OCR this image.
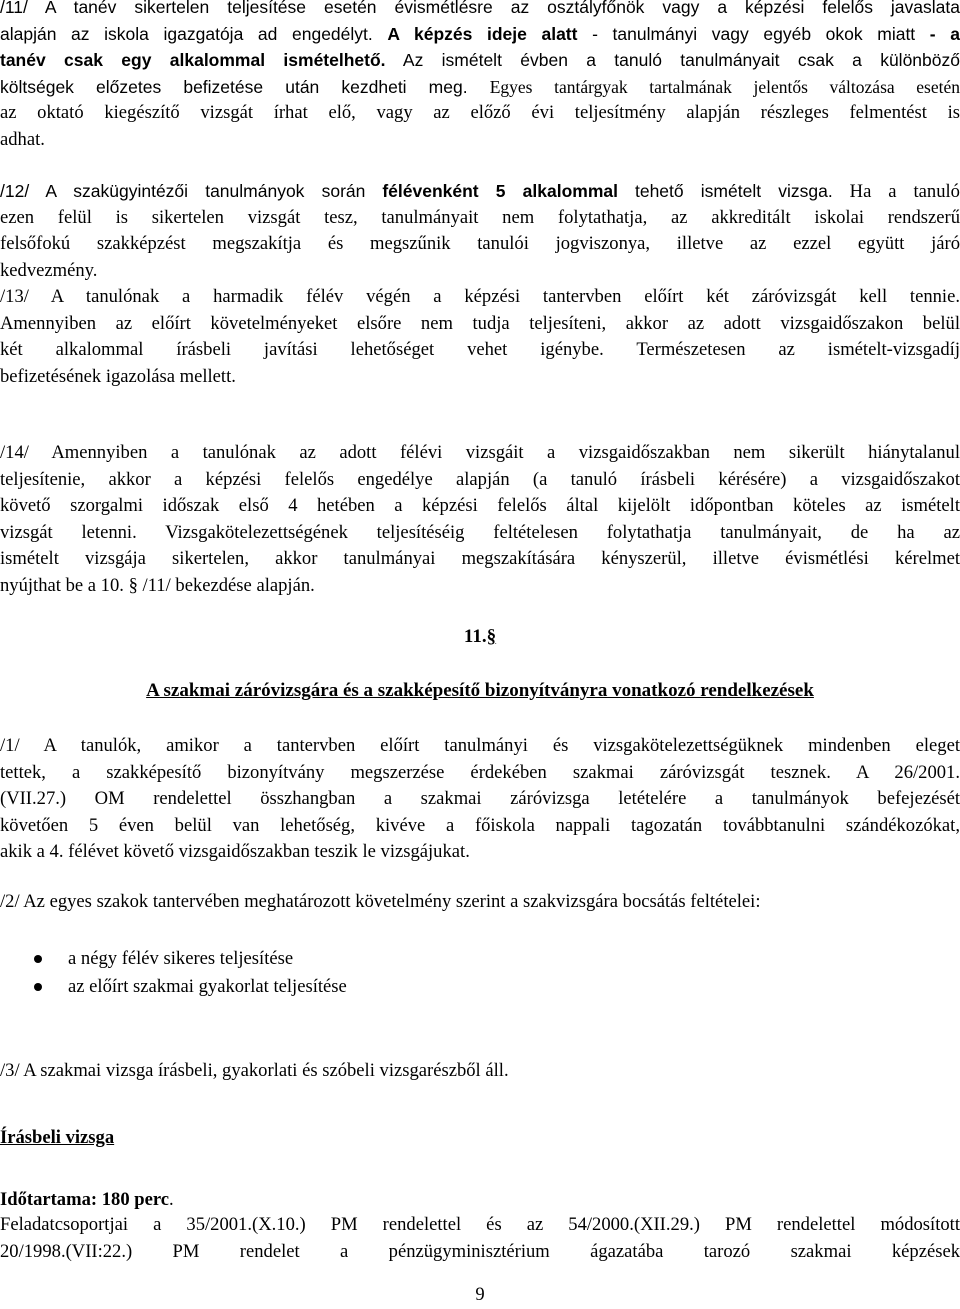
/11/ A tanév sikertelen teljesítése esetén évismétlésre az osztályfőnök vagy a képzési felelős javaslata
alapján az iskola igazgatója ad engedélyt. A képzés ideje alatt - tanulmányi vagy egyéb okok miatt - a
tanév csak egy alkalommal ismételhető. Az ismételt évben a tanuló tanulmányait csak a különböző
költségek előzetes befizetése után kezdheti meg. Egyes tantárgyak tartalmának jelentős változása esetén
az oktató kiegészítő vizsgát írhat elő, vagy az előző évi teljesítmény alapján részleges felmentést is
adhat.
/12/ A szakügyintézői tanulmányok során félévenként 5 alkalommal tehető ismételt vizsga. Ha a tanuló
ezen felül is sikertelen vizsgát tesz, tanulmányait nem folytathatja, az akkreditált iskolai rendszerű
felsőfokú szakképzést megszakítja és megszűnik tanulói jogviszonya, illetve az ezzel együtt járó
kedvezmény.
/13/ A tanulónak a harmadik félév végén a képzési tantervben előírt két záróvizsgát kell tennie.
Amennyiben az előírt követelményeket elsőre nem tudja teljesíteni, akkor az adott vizsgaidőszakon belül
két alkalommal írásbeli javítási lehetőséget vehet igénybe. Természetesen az ismételt-vizsgadíj
befizetésének igazolása mellett.
/14/ Amennyiben a tanulónak az adott félévi vizsgáit a vizsgaidőszakban nem sikerült hiánytalanul
teljesítenie, akkor a képzési felelős engedélye alapján (a tanuló írásbeli kérésére) a vizsgaidőszakot
követő szorgalmi időszak első 4 hetében a képzési felelős által kijelölt időpontban köteles az ismételt
vizsgát letenni. Vizsgakötelezettségének teljesítéséig feltételesen folytathatja tanulmányait, de ha az
ismételt vizsgája sikertelen, akkor tanulmányai megszakítására kényszerül, illetve évismétlési kérelmet
nyújthat be a 10. § /11/ bekezdése alapján.
11.§
A szakmai záróvizsgára és a szakképesítő bizonyítványra vonatkozó rendelkezések
/1/ A tanulók, amikor a tantervben előírt tanulmányi és vizsgakötelezettségüknek mindenben eleget
tettek, a szakképesítő bizonyítvány megszerzése érdekében szakmai záróvizsgát tesznek. A 26/2001.
(VII.27.) OM rendelettel összhangban a szakmai záróvizsga letételére a tanulmányok befejezését
követően 5 éven belül van lehetőség, kivéve a főiskola nappali tagozatán továbbtanulni szándékozókat,
akik a 4. félévet követő vizsgaidőszakban teszik le vizsgájukat.
/2/ Az egyes szakok tantervében meghatározott követelmény szerint a szakvizsgára bocsátás feltételei:
a négy félév sikeres teljesítése
az előírt szakmai gyakorlat teljesítése
/3/ A szakmai vizsga írásbeli, gyakorlati és szóbeli vizsgarészből áll.
Írásbeli vizsga
Időtartama: 180 perc.
Feladatcsoportjai a 35/2001.(X.10.) PM rendelettel és az 54/2000.(XII.29.) PM rendelettel módosított
20/1998.(VII:22.) PM rendelet a pénzügyminisztérium ágazatába tarozó szakmai képzések
9
